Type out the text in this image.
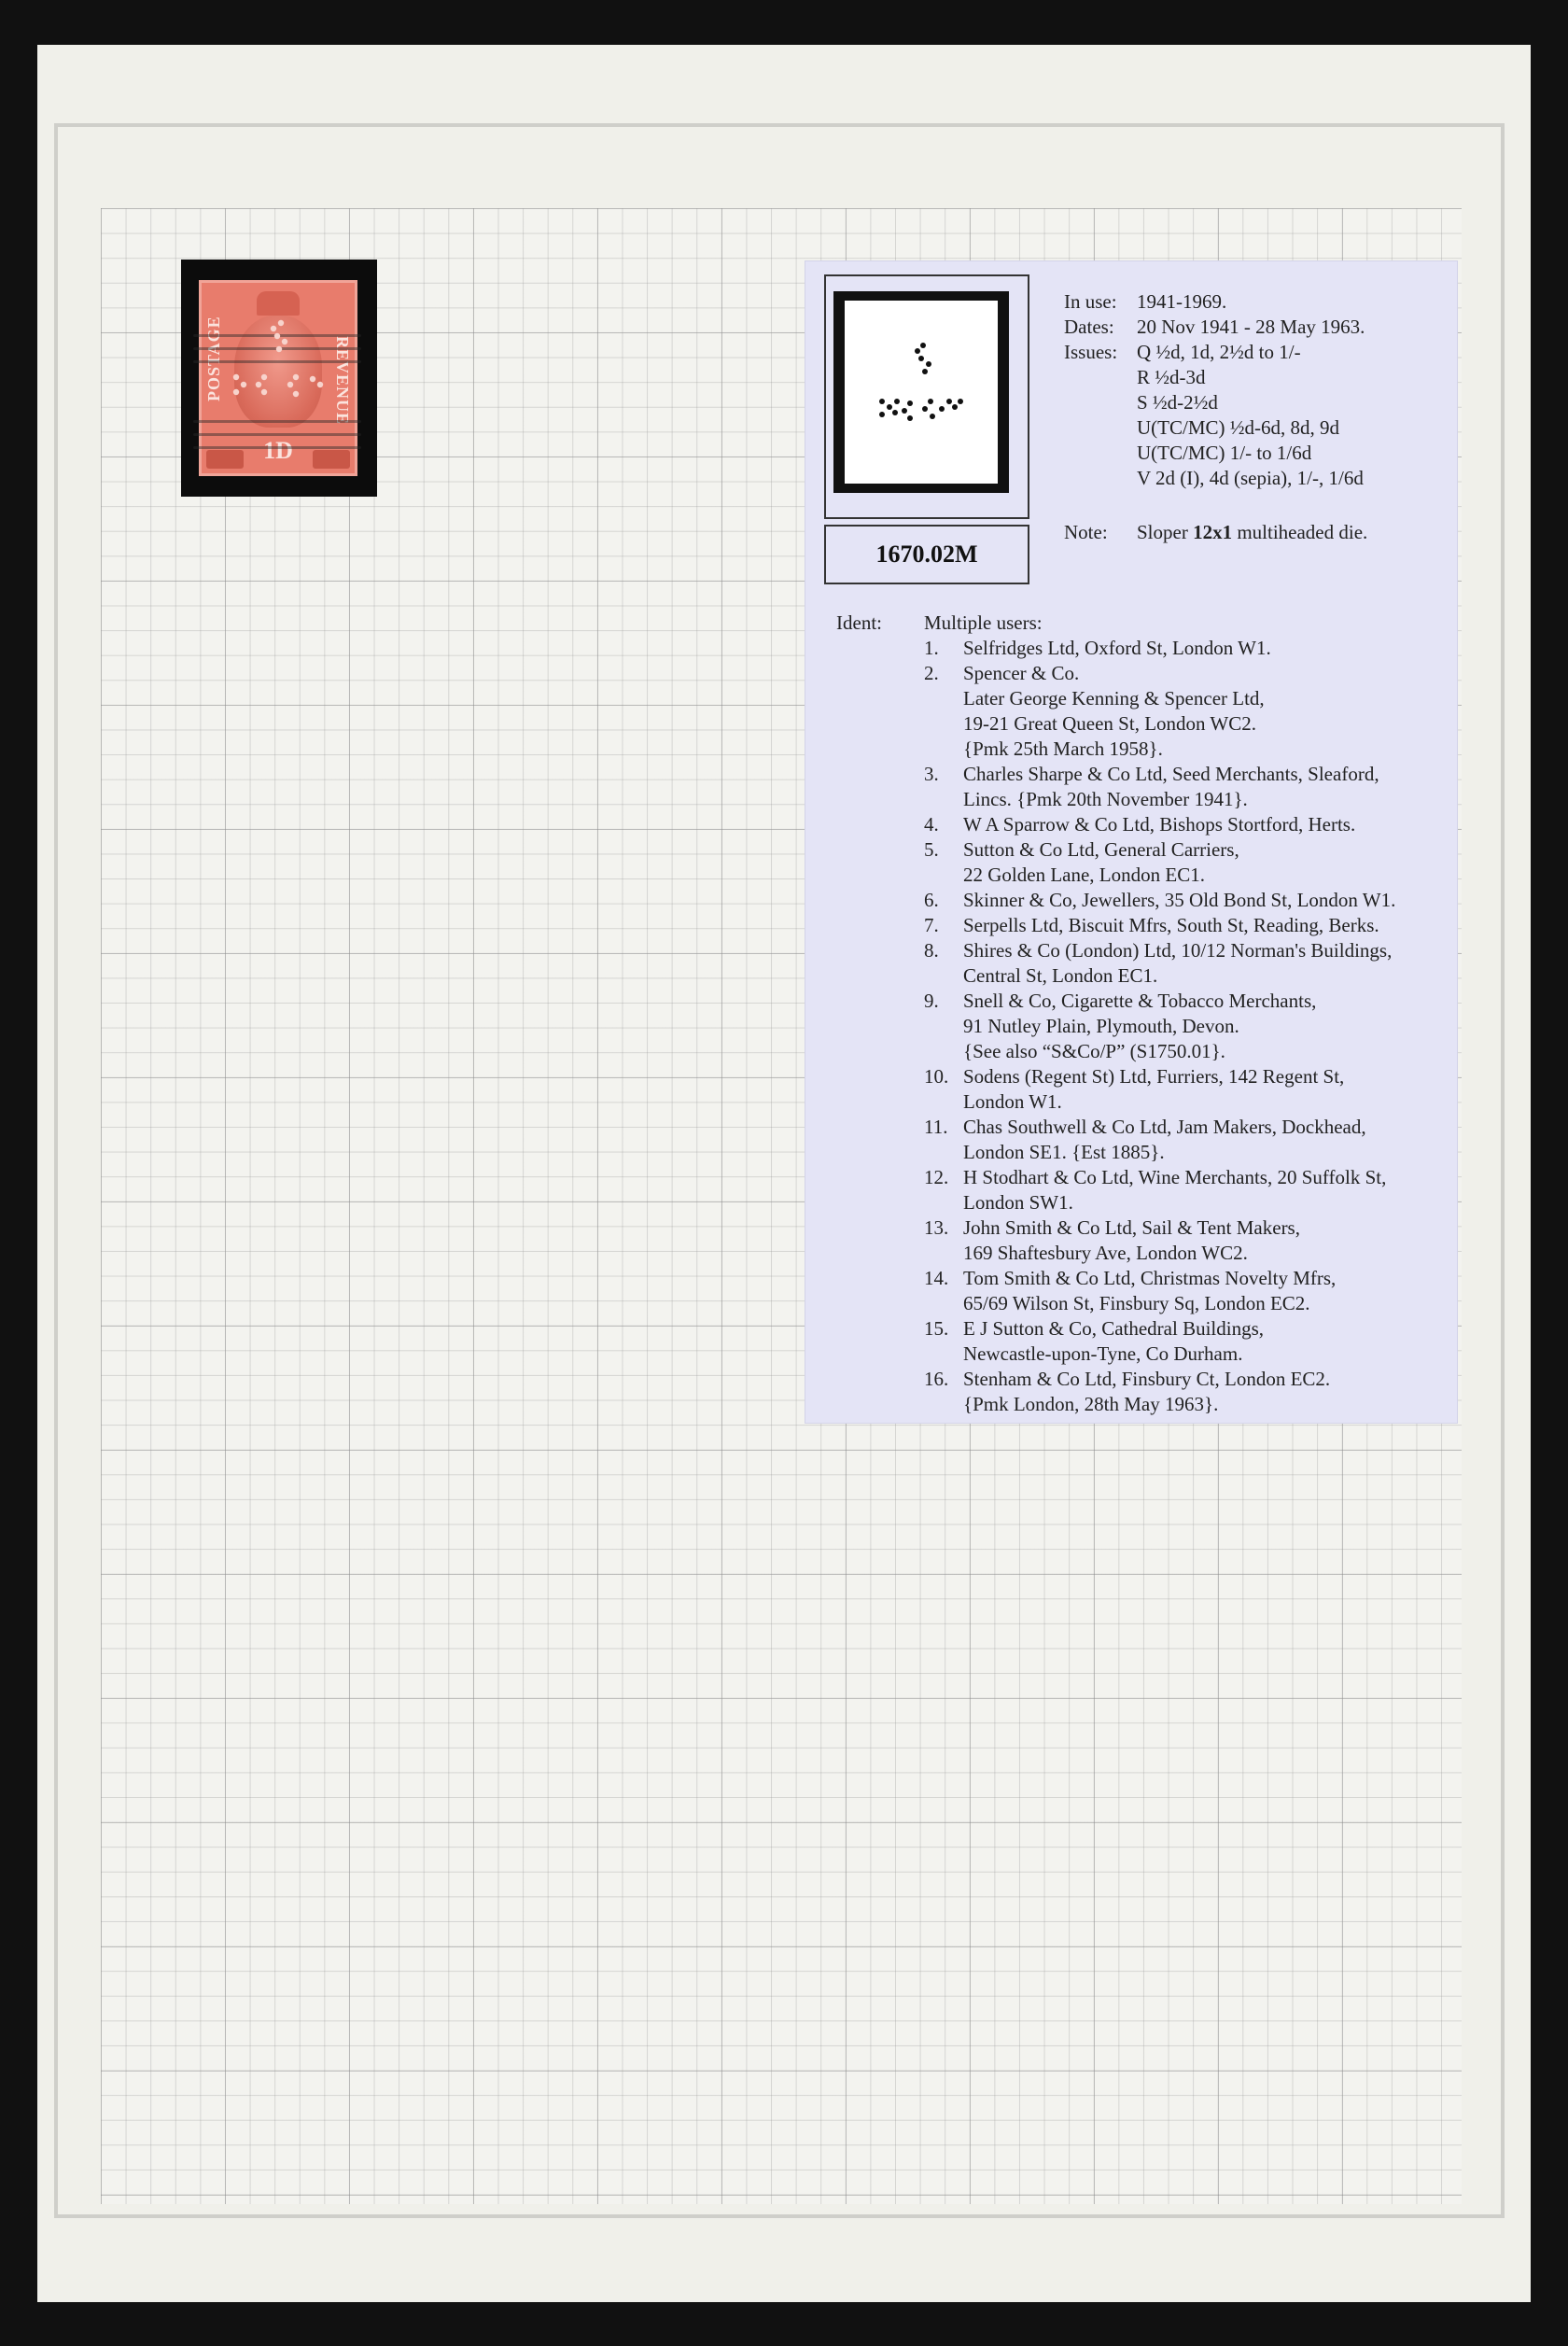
POSTAGE	REVENUE
1D
1670.02M
In use:	1941-1969.
Dates:	20 Nov 1941 - 28 May 1963.
Issues: Q ½d, 1d, 2½d to 1/-
R ½d-3d
S ½d-2½d
U(TC/MC) ½d-6d, 8d, 9d
U(TC/MC) 1/- to 1/6d
V 2d (I), 4d (sepia), 1/-, 1/6d
Note:	Sloper 12x1 multiheaded die.
Ident:	Multiple users:
1.	Selfridges Ltd, Oxford St, London W1.
2.	Spencer & Co.
Later George Kenning & Spencer Ltd,
19-21 Great Queen St, London WC2.
{Pmk 25th March 1958}.
3.	Charles Sharpe & Co Ltd, Seed Merchants, Sleaford,
Lincs. {Pmk 20th November 1941}.
4.	W A Sparrow & Co Ltd, Bishops Stortford, Herts.
5.	Sutton & Co Ltd, General Carriers,
22 Golden Lane, London EC1.
6.	Skinner & Co, Jewellers, 35 Old Bond St, London W1.
7.	Serpells Ltd, Biscuit Mfrs, South St, Reading, Berks.
8.	Shires & Co (London) Ltd, 10/12 Norman's Buildings,
Central St, London EC1.
9.	Snell & Co, Cigarette & Tobacco Merchants,
91 Nutley Plain, Plymouth, Devon.
{See also “S&Co/P” (S1750.01}.
10. Sodens (Regent St) Ltd, Furriers, 142 Regent St,
London W1.
11. Chas Southwell & Co Ltd, Jam Makers, Dockhead,
London SE1. {Est 1885}.
12. H Stodhart & Co Ltd, Wine Merchants, 20 Suffolk St,
London SW1.
13. John Smith & Co Ltd, Sail & Tent Makers,
169 Shaftesbury Ave, London WC2.
14. Tom Smith & Co Ltd, Christmas Novelty Mfrs,
65/69 Wilson St, Finsbury Sq, London EC2.
15. E J Sutton & Co, Cathedral Buildings,
Newcastle-upon-Tyne, Co Durham.
16. Stenham & Co Ltd, Finsbury Ct, London EC2.
{Pmk London, 28th May 1963}.
